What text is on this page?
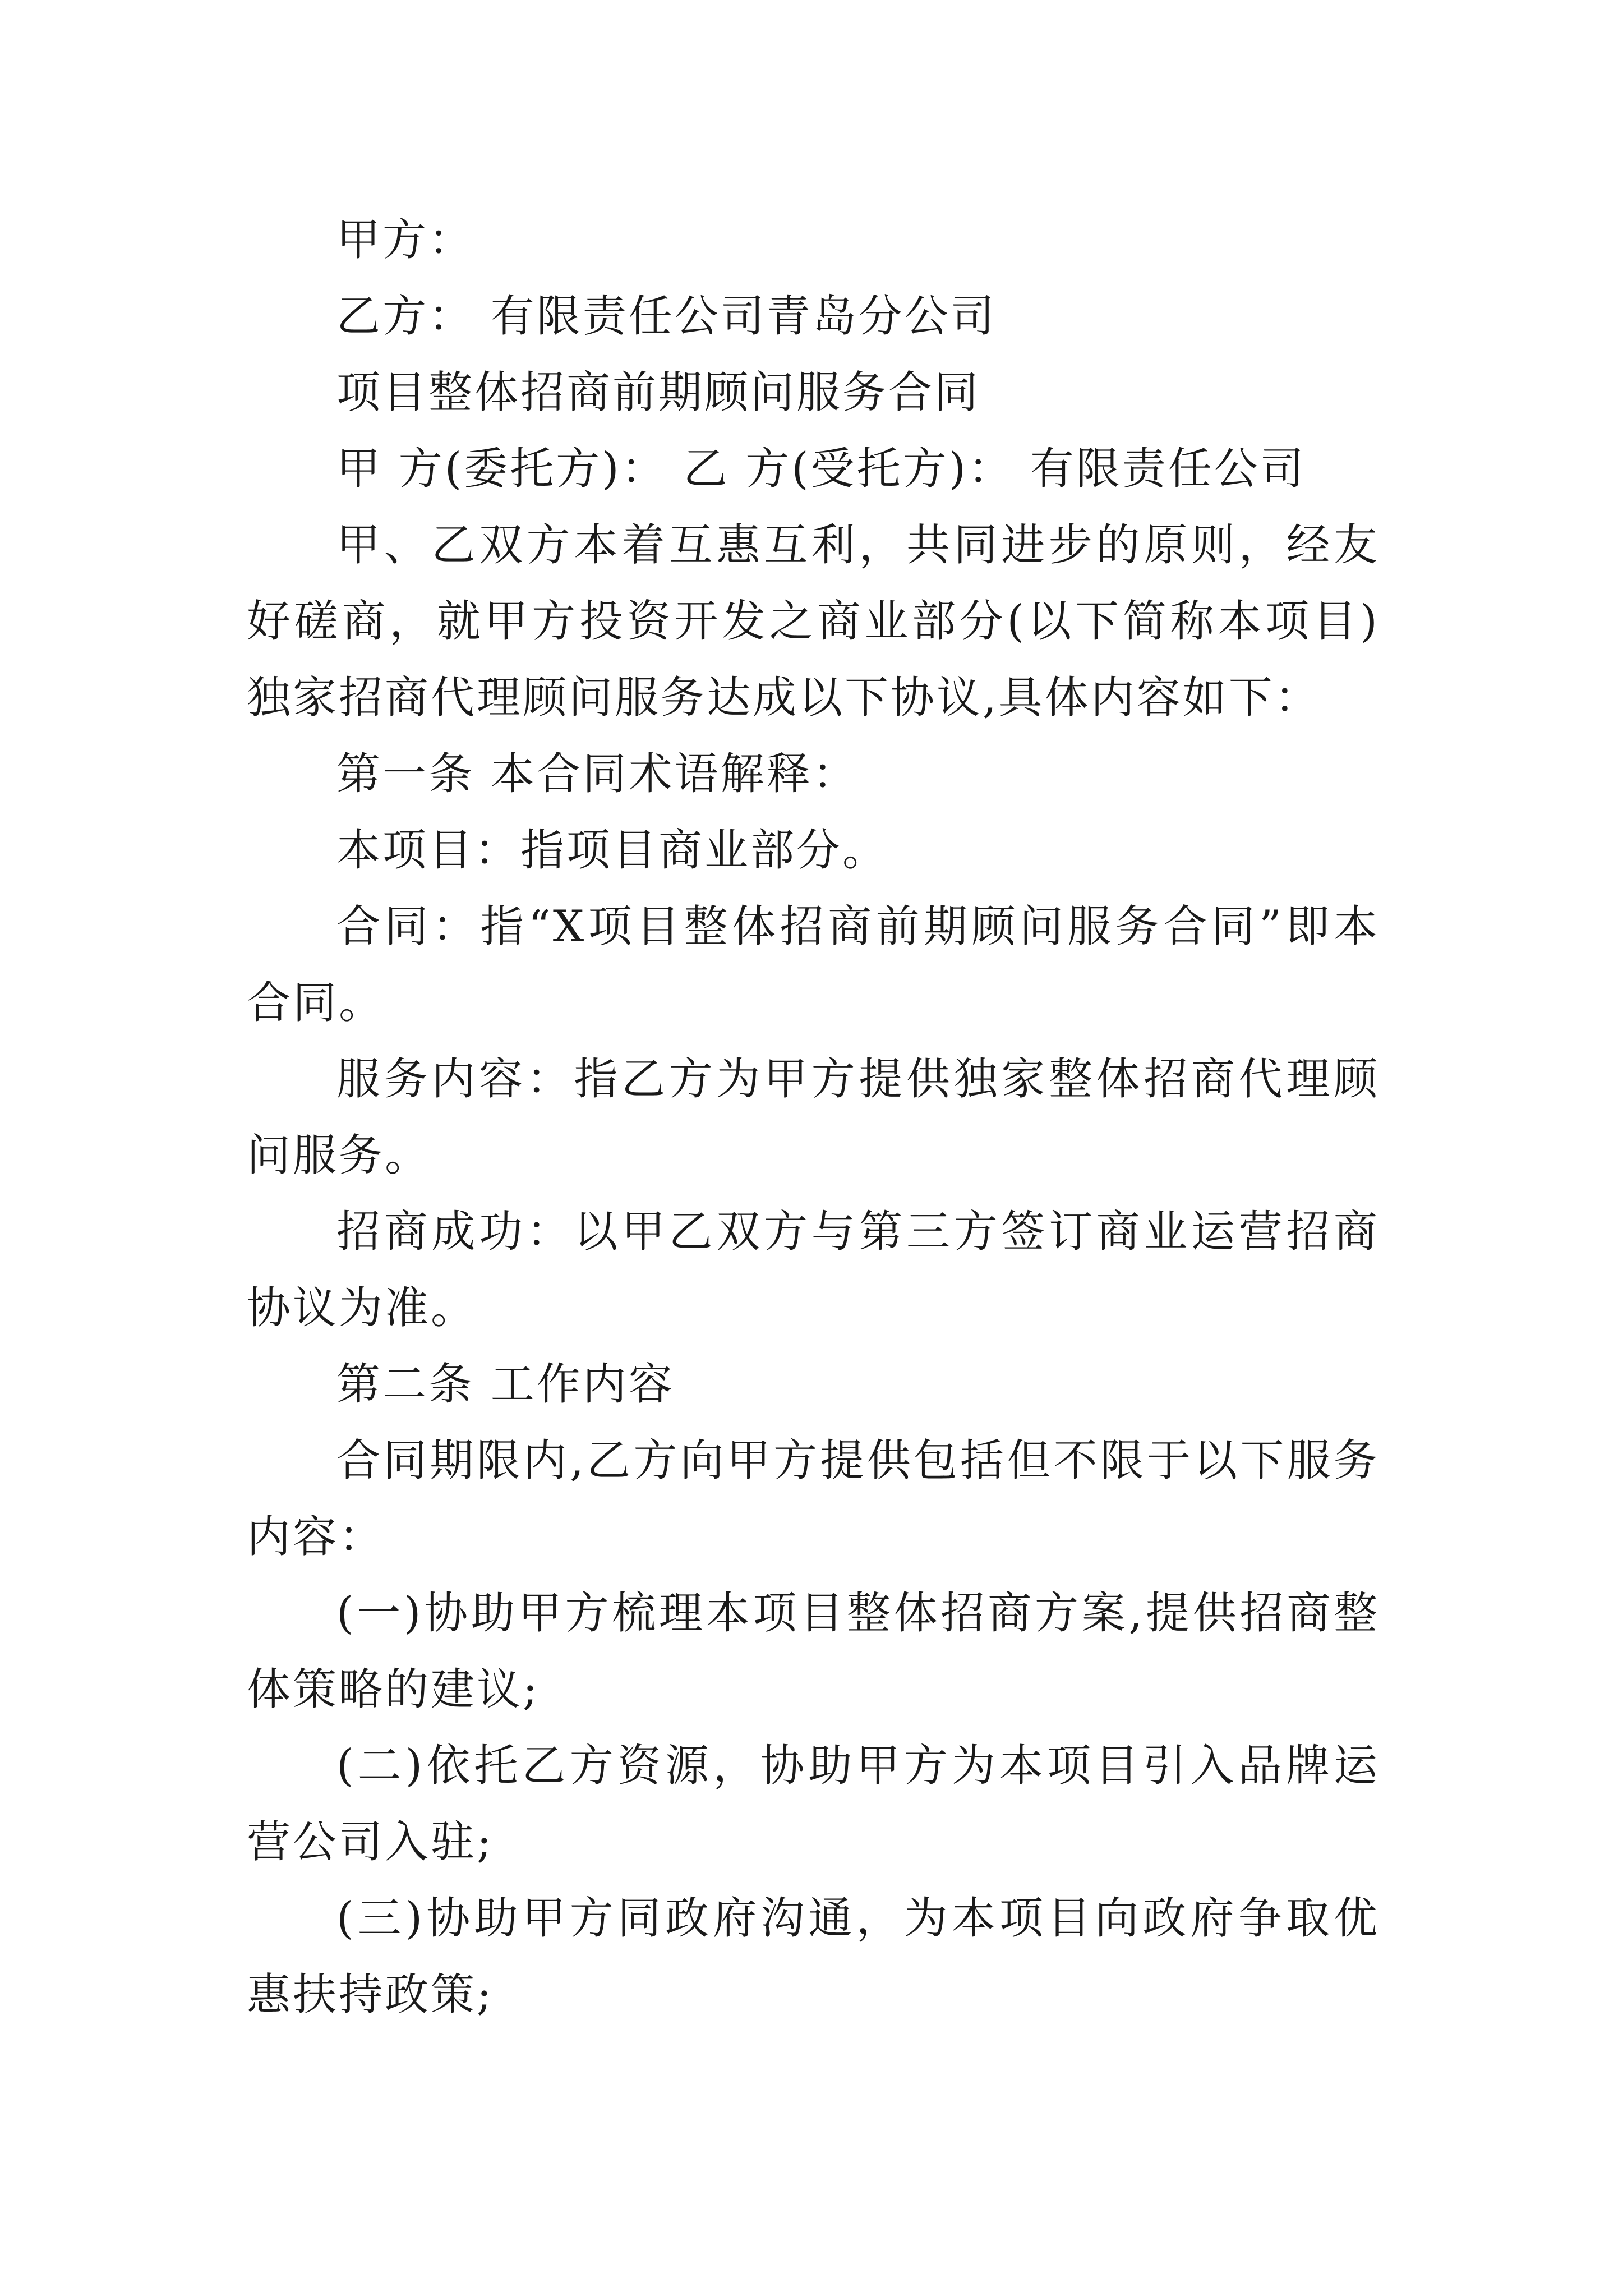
甲方：

乙方： 有限责任公司青岛分公司

项目整体招商前期顾问服务合同

甲 方(委托方)： 乙 方(受托方)： 有限责任公司

甲、乙双方本着互惠互利，共同进步的原则，经友好磋商，就甲方投资开发之商业部分(以下简称本项目)独家招商代理顾问服务达成以下协议,具体内容如下：

第一条 本合同术语解释：

本项目：指项目商业部分。

合同：指“X项目整体招商前期顾问服务合同”即本合同。

服务内容：指乙方为甲方提供独家整体招商代理顾问服务。

招商成功：以甲乙双方与第三方签订商业运营招商协议为准。

第二条 工作内容

合同期限内,乙方向甲方提供包括但不限于以下服务内容：

(一)协助甲方梳理本项目整体招商方案,提供招商整体策略的建议;

(二)依托乙方资源，协助甲方为本项目引入品牌运营公司入驻;

(三)协助甲方同政府沟通，为本项目向政府争取优惠扶持政策;
